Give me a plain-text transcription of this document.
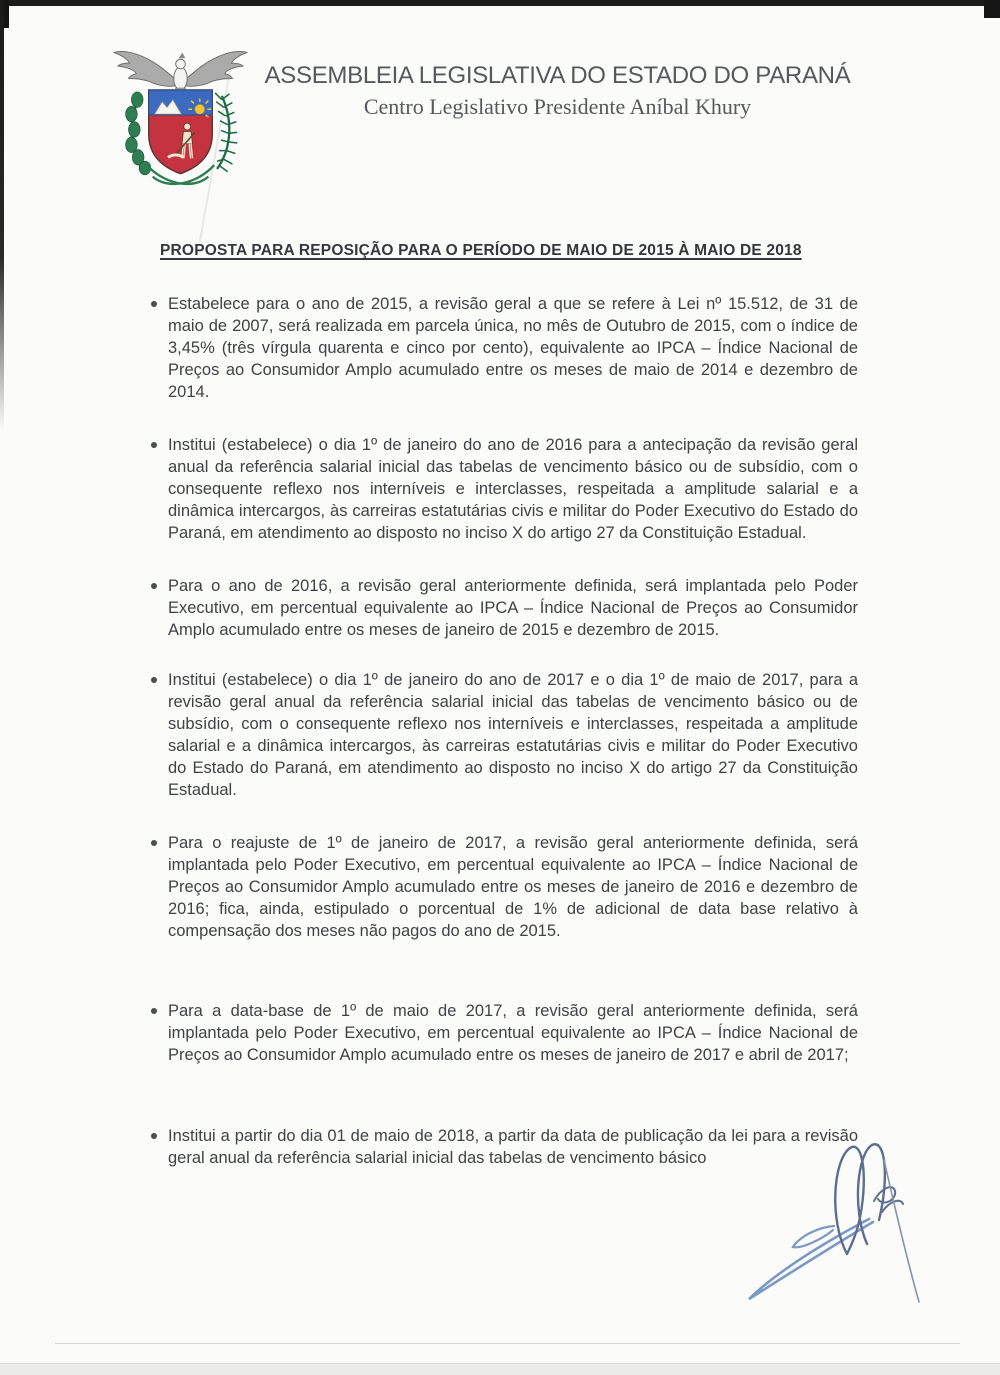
ASSEMBLEIA LEGISLATIVA DO ESTADO DO PARANÁ
Centro Legislativo Presidente Aníbal Khury
PROPOSTA PARA REPOSIÇÃO PARA O PERÍODO DE MAIO DE 2015 À MAIO DE 2018
Estabelece para o ano de 2015, a revisão geral a que se refere à Lei nº 15.512, de 31 de maio de 2007, será realizada em parcela única, no mês de Outubro de 2015, com o índice de 3,45% (três vírgula quarenta e cinco por cento), equivalente ao IPCA – Índice Nacional de Preços ao Consumidor Amplo acumulado entre os meses de maio de 2014 e dezembro de 2014.
Institui (estabelece) o dia 1º de janeiro do ano de 2016 para a antecipação da revisão geral anual da referência salarial inicial das tabelas de vencimento básico ou de subsídio, com o consequente reflexo nos interníveis e interclasses, respeitada a amplitude salarial e a dinâmica intercargos, às carreiras estatutárias civis e militar do Poder Executivo do Estado do Paraná, em atendimento ao disposto no inciso X do artigo 27 da Constituição Estadual.
Para o ano de 2016, a revisão geral anteriormente definida, será implantada pelo Poder Executivo, em percentual equivalente ao IPCA – Índice Nacional de Preços ao Consumidor Amplo acumulado entre os meses de janeiro de 2015 e dezembro de 2015.
Institui (estabelece) o dia 1º de janeiro do ano de 2017 e o dia 1º de maio de 2017, para a revisão geral anual da referência salarial inicial das tabelas de vencimento básico ou de subsídio, com o consequente reflexo nos interníveis e interclasses, respeitada a amplitude salarial e a dinâmica intercargos, às carreiras estatutárias civis e militar do Poder Executivo do Estado do Paraná, em atendimento ao disposto no inciso X do artigo 27 da Constituição Estadual.
Para o reajuste de 1º de janeiro de 2017, a revisão geral anteriormente definida, será implantada pelo Poder Executivo, em percentual equivalente ao IPCA – Índice Nacional de Preços ao Consumidor Amplo acumulado entre os meses de janeiro de 2016 e dezembro de 2016; fica, ainda, estipulado o porcentual de 1% de adicional de data base relativo à compensação dos meses não pagos do ano de 2015.
Para a data-base de 1º de maio de 2017, a revisão geral anteriormente definida, será implantada pelo Poder Executivo, em percentual equivalente ao IPCA – Índice Nacional de Preços ao Consumidor Amplo acumulado entre os meses de janeiro de 2017 e abril de 2017;
Institui a partir do dia 01 de maio de 2018, a partir da data de publicação da lei para a revisão geral anual da referência salarial inicial das tabelas de vencimento básico
